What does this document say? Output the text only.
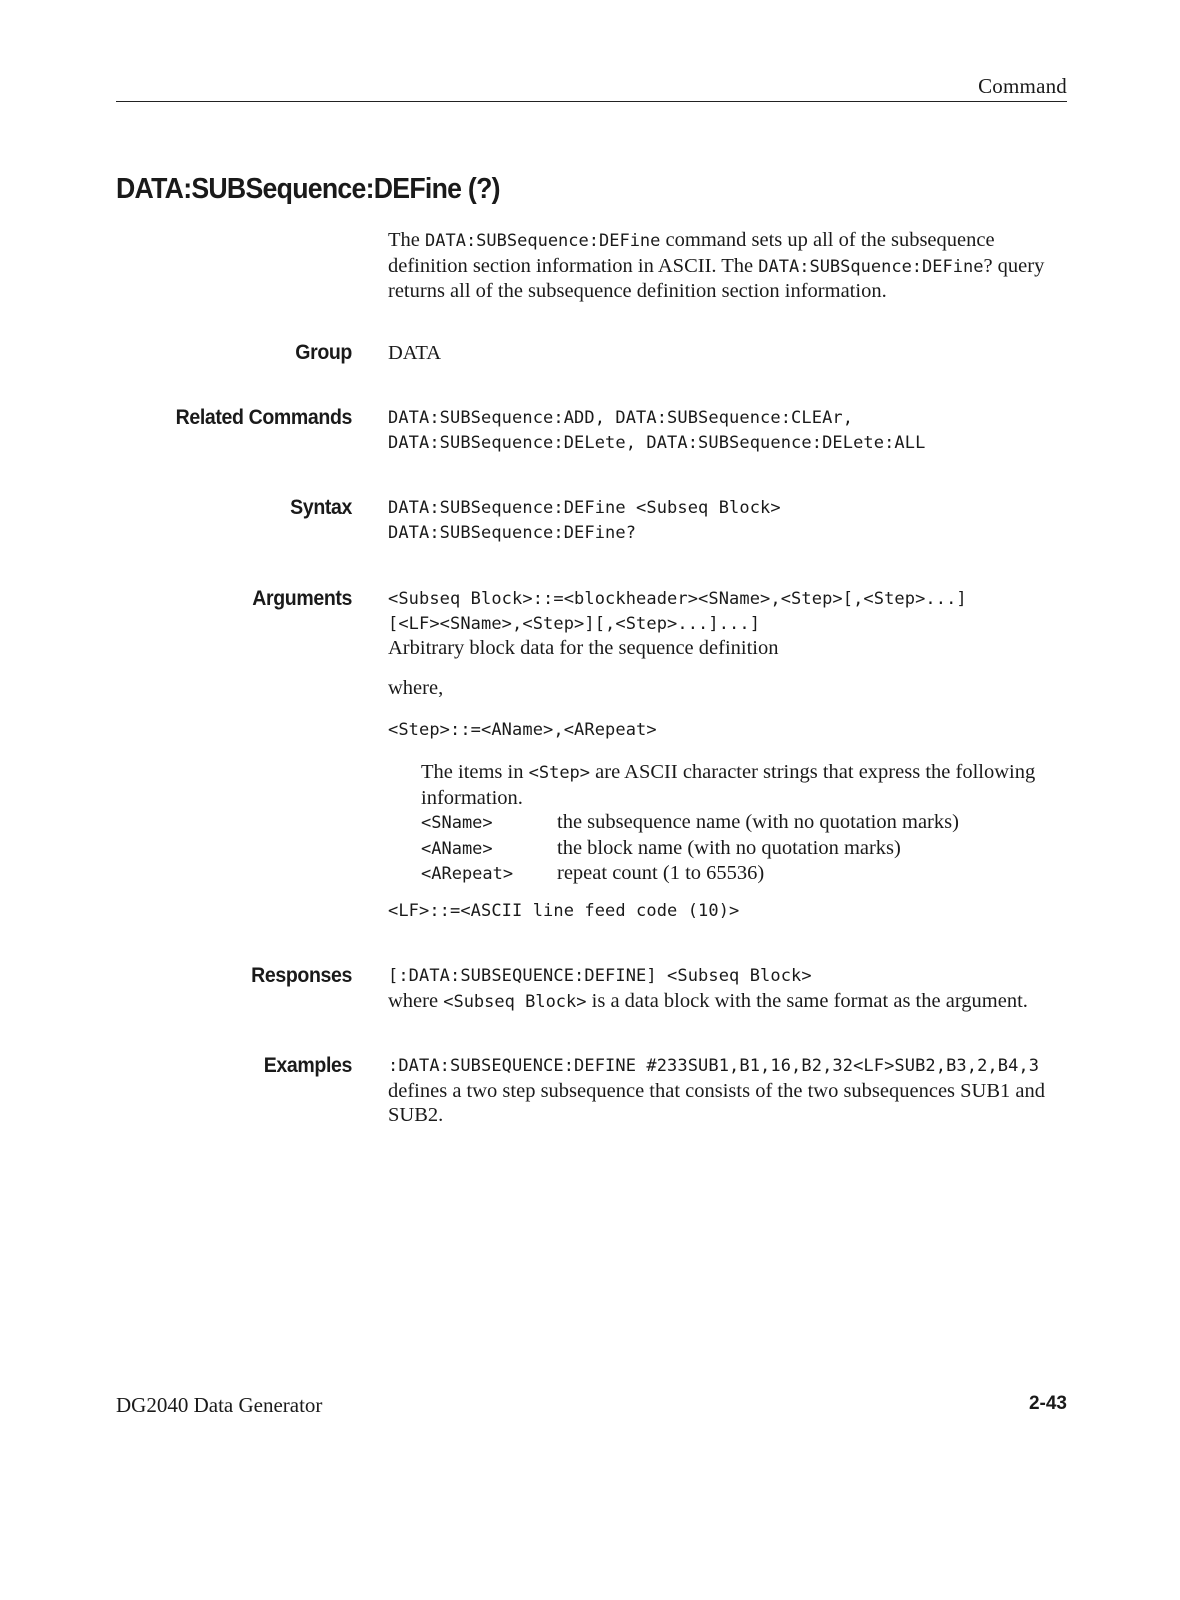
Command
DATA:SUBSequence:DEFine (?)
The DATA:SUBSequence:DEFine command sets up all of the subsequence
definition section information in ASCII. The DATA:SUBSquence:DEFine? query
returns all of the subsequence definition section information.
Group DATA
Related Commands DATA:SUBSequence:ADD, DATA:SUBSequence:CLEAr,
DATA:SUBSequence:DELete, DATA:SUBSequence:DELete:ALL
Syntax DATA:SUBSequence:DEFine <Subseq Block>
DATA:SUBSequence:DEFine?
Arguments <Subseq Block>::=<blockheader><SName>,<Step>[,<Step>...]
[<LF><SName>,<Step>][,<Step>...]...]
Arbitrary block data for the sequence definition
where,
<Step>::=<AName>,<ARepeat>
The items in <Step> are ASCII character strings that express the following
information.
<SName>	the subsequence name (with no quotation marks)
<AName>	the block name (with no quotation marks)
<ARepeat> repeat count (1 to 65536)
<LF>::=<ASCII line feed code (10)>
Responses [:DATA:SUBSEQUENCE:DEFINE] <Subseq Block>
where <Subseq Block> is a data block with the same format as the argument.
Examples :DATA:SUBSEQUENCE:DEFINE #233SUB1,B1,16,B2,32<LF>SUB2,B3,2,B4,3
defines a two step subsequence that consists of the two subsequences SUB1 and
SUB2.
DG2040 Data Generator	2-43
